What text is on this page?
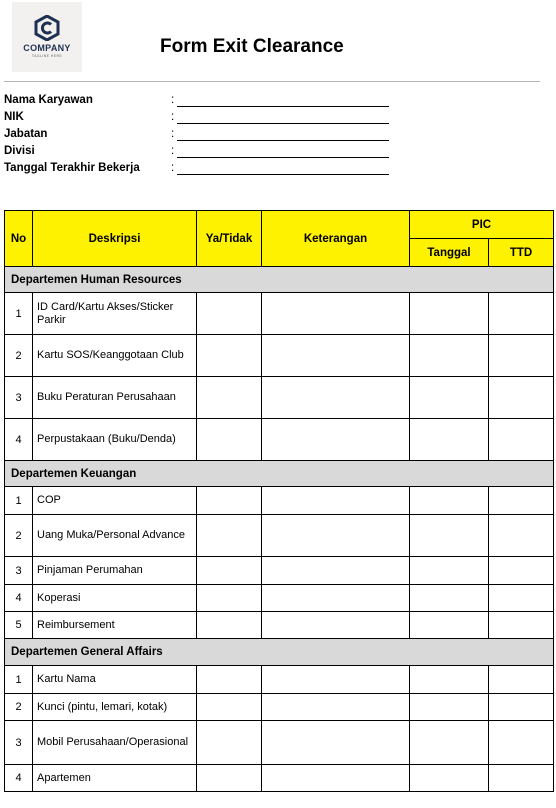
COMPANY
TAGLINE HERE	Form Exit Clearance
Nama Karyawan	:
NIK	:
Jabatan	:
Divisi	:
Tanggal Terakhir Bekerja	:
No	Deskripsi	Ya/Tidak	Keterangan	PIC	
				Tanggal	TTD
Departemen Human Resources					
1	ID Card/Kartu Akses/Sticker Parkir				
2	Kartu SOS/Keanggotaan Club				
3	Buku Peraturan Perusahaan				
4	Perpustakaan (Buku/Denda)				
Departemen Keuangan					
1	COP				
2	Uang Muka/Personal Advance				
3	Pinjaman Perumahan				
4	Koperasi				
5	Reimbursement				
Departemen General Affairs					
1	Kartu Nama				
2	Kunci (pintu, lemari, kotak)				
3	Mobil Perusahaan/Operasional				
4	Apartemen				
